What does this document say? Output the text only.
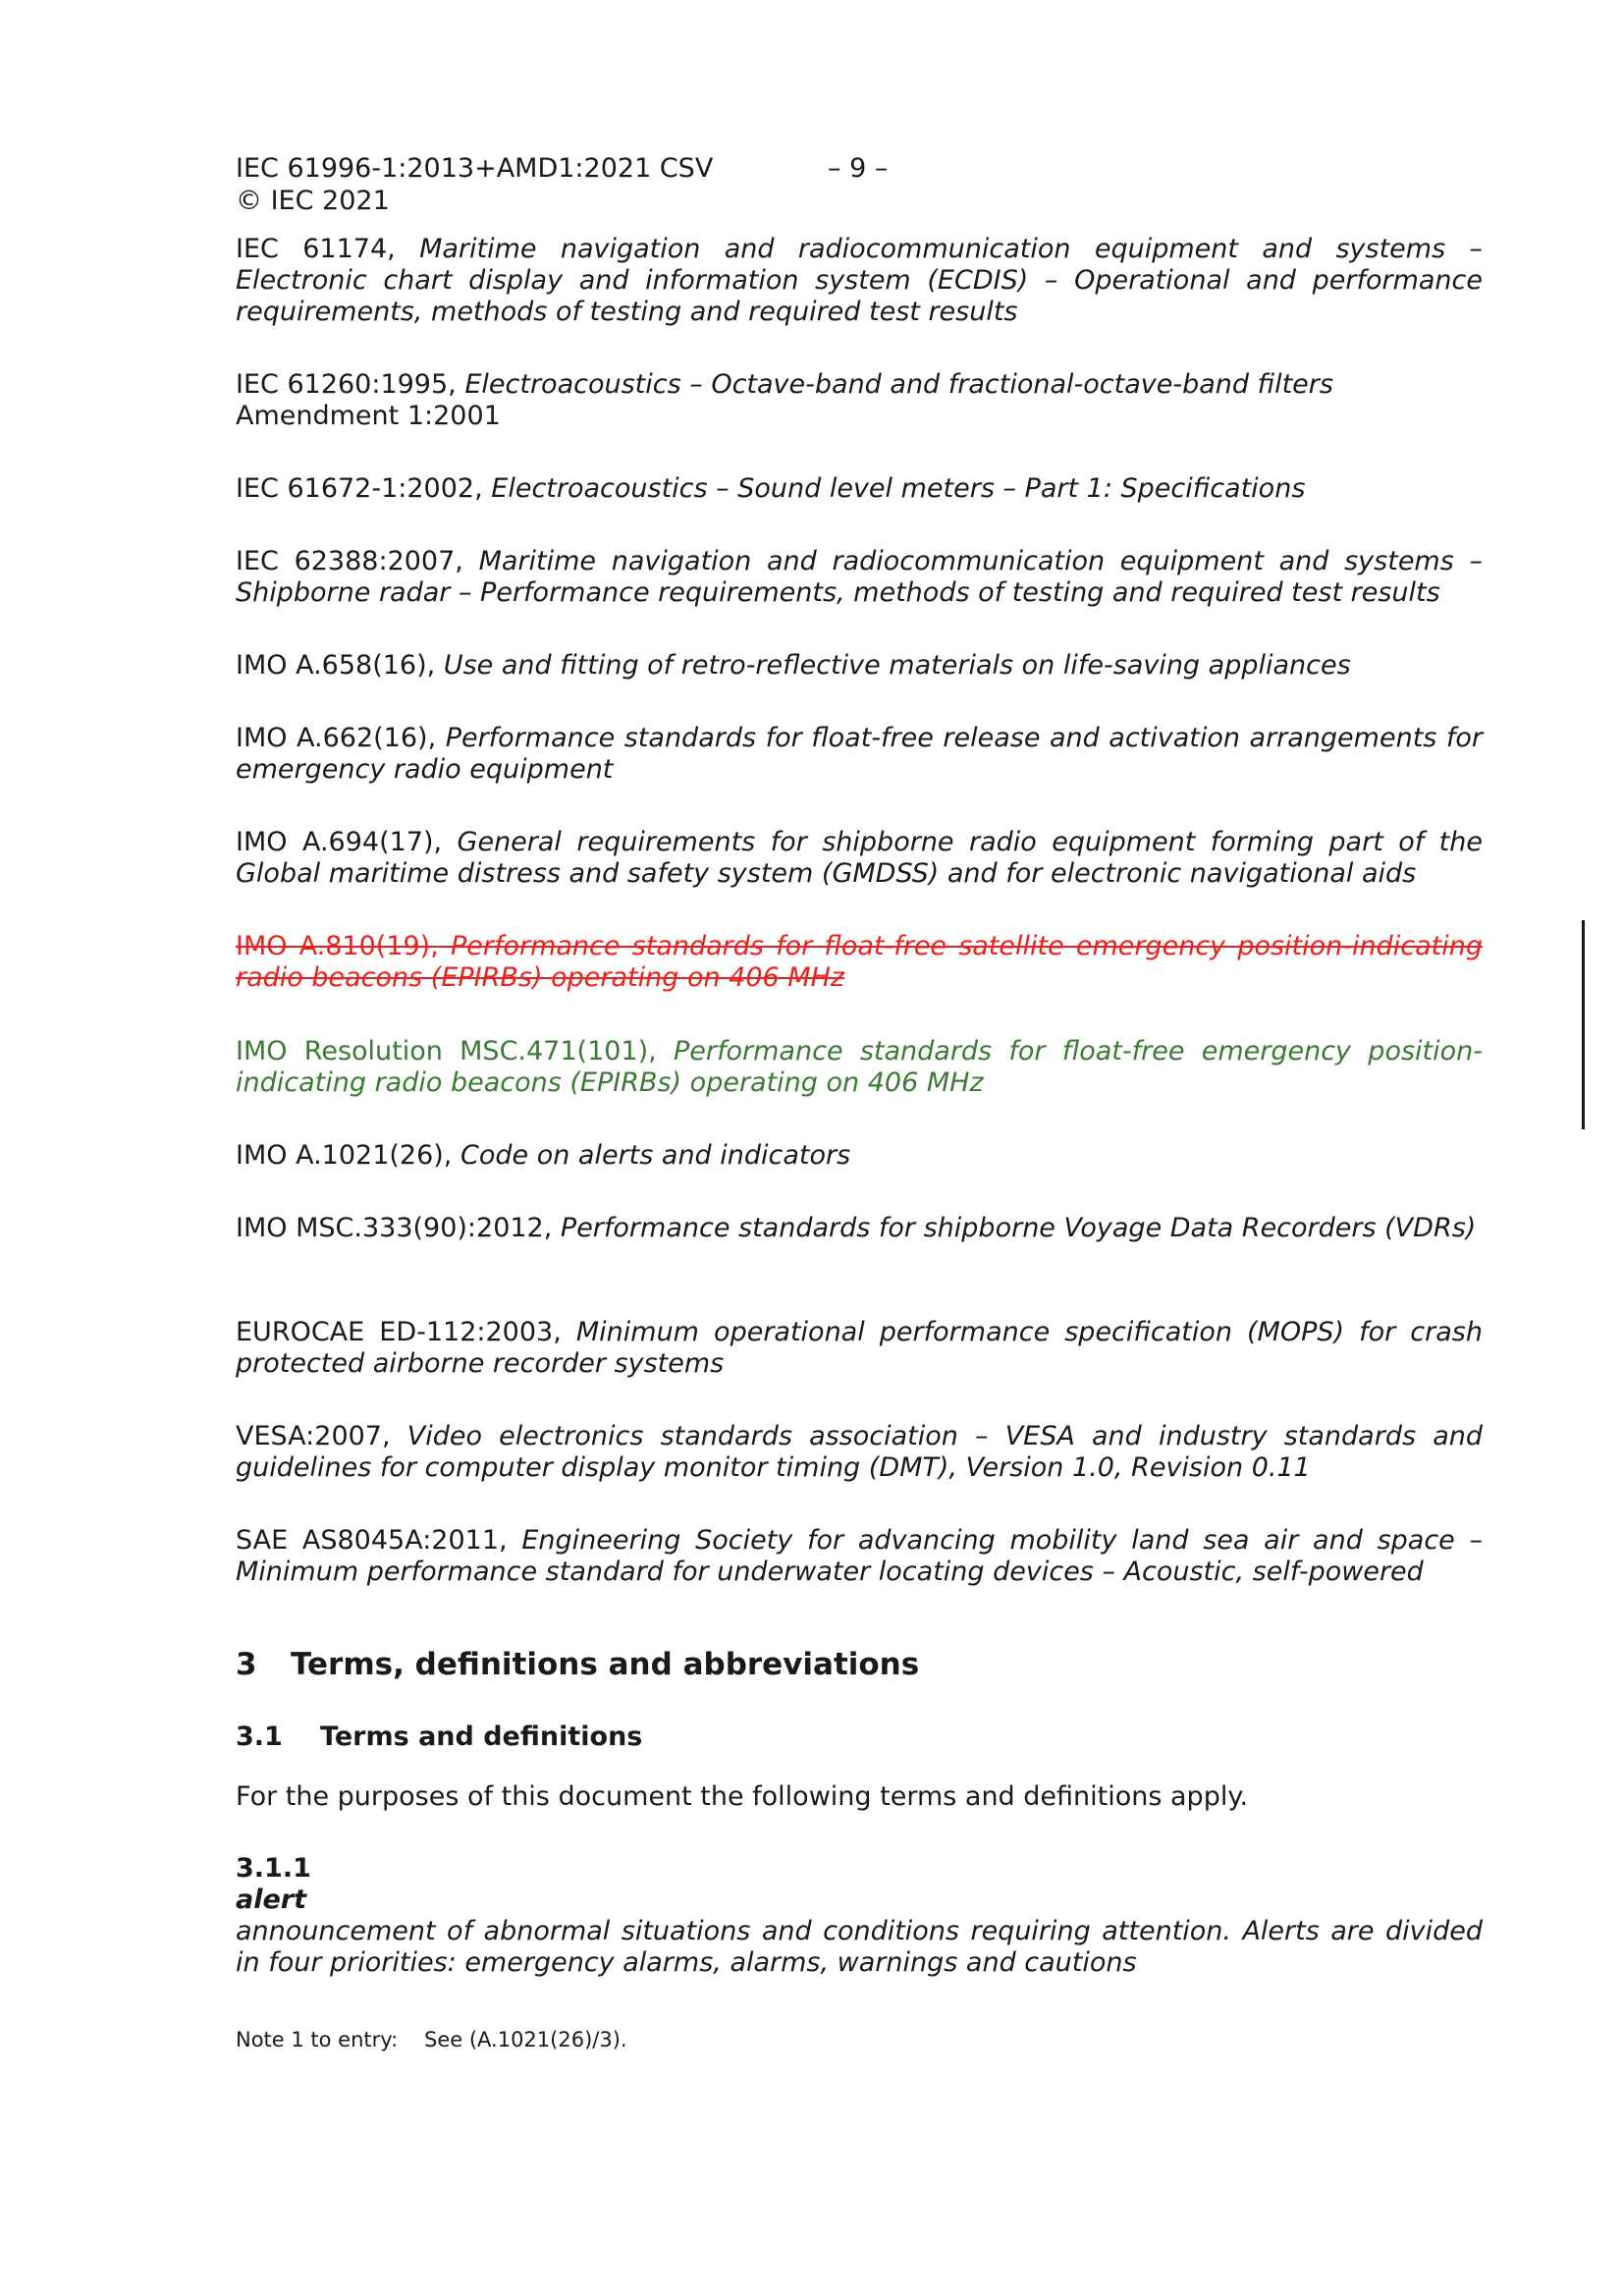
IEC 61996-1:2013+AMD1:2021 CSV	– 9 –
© IEC 2021

IEC 61174, Maritime navigation and radiocommunication equipment and systems – Electronic chart display and information system (ECDIS) – Operational and performance requirements, methods of testing and required test results

IEC 61260:1995, Electroacoustics – Octave-band and fractional-octave-band filters

Amendment 1:2001

IEC 61672-1:2002, Electroacoustics – Sound level meters – Part 1: Specifications

IEC 62388:2007, Maritime navigation and radiocommunication equipment and systems – Shipborne radar – Performance requirements, methods of testing and required test results

IMO A.658(16), Use and fitting of retro-reflective materials on life-saving appliances

IMO A.662(16), Performance standards for float-free release and activation arrangements for emergency radio equipment

IMO A.694(17), General requirements for shipborne radio equipment forming part of the Global maritime distress and safety system (GMDSS) and for electronic navigational aids

IMO A.810(19), Performance standards for float-free satellite emergency position-indicating radio beacons (EPIRBs) operating on 406 MHz

IMO Resolution MSC.471(101), Performance standards for float-free emergency position-indicating radio beacons (EPIRBs) operating on 406 MHz

IMO A.1021(26), Code on alerts and indicators

IMO MSC.333(90):2012, Performance standards for shipborne Voyage Data Recorders (VDRs)

EUROCAE ED-112:2003, Minimum operational performance specification (MOPS) for crash protected airborne recorder systems

VESA:2007, Video electronics standards association – VESA and industry standards and guidelines for computer display monitor timing (DMT), Version 1.0, Revision 0.11

SAE AS8045A:2011, Engineering Society for advancing mobility land sea air and space – Minimum performance standard for underwater locating devices – Acoustic, self-powered

3 Terms, definitions and abbreviations
3.1 Terms and definitions
For the purposes of this document the following terms and definitions apply.
3.1.1
alert
announcement of abnormal situations and conditions requiring attention. Alerts are divided in four priorities: emergency alarms, alarms, warnings and cautions
Note 1 to entry: See (A.1021(26)/3).
